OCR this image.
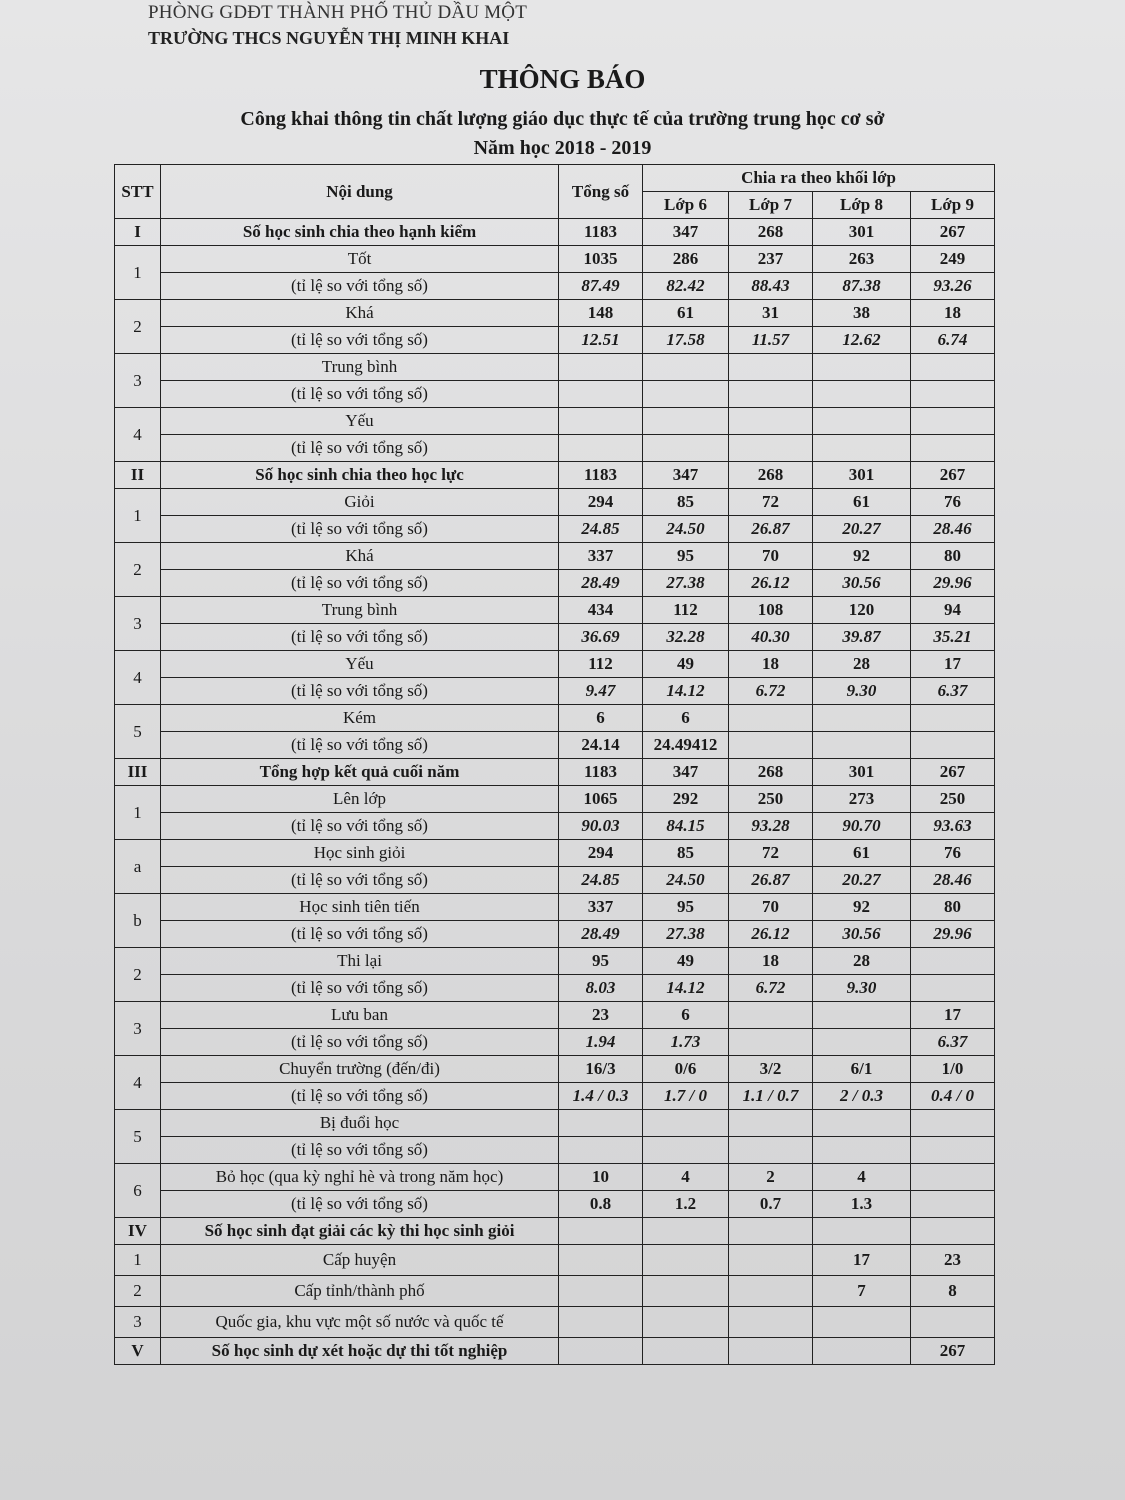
PHÒNG GDĐT THÀNH PHỐ THỦ DẦU MỘT
TRƯỜNG THCS NGUYỄN THỊ MINH KHAI
THÔNG BÁO
Công khai thông tin chất lượng giáo dục thực tế của trường trung học cơ sở
Năm học 2018 - 2019
STT	Nội dung	Tổng số	Chia ra theo khối lớp			
			Lớp 6	Lớp 7	Lớp 8	Lớp 9
I	Số học sinh chia theo hạnh kiểm	1183	347	268	301	267
1	Tốt	1035	286	237	263	249
	(tỉ lệ so với tổng số)	87.49	82.42	88.43	87.38	93.26
2	Khá	148	61	31	38	18
	(tỉ lệ so với tổng số)	12.51	17.58	11.57	12.62	6.74
3	Trung bình					
	(tỉ lệ so với tổng số)					
4	Yếu					
	(tỉ lệ so với tổng số)					
II	Số học sinh chia theo học lực	1183	347	268	301	267
1	Giỏi	294	85	72	61	76
	(tỉ lệ so với tổng số)	24.85	24.50	26.87	20.27	28.46
2	Khá	337	95	70	92	80
	(tỉ lệ so với tổng số)	28.49	27.38	26.12	30.56	29.96
3	Trung bình	434	112	108	120	94
	(tỉ lệ so với tổng số)	36.69	32.28	40.30	39.87	35.21
4	Yếu	112	49	18	28	17
	(tỉ lệ so với tổng số)	9.47	14.12	6.72	9.30	6.37
5	Kém	6	6			
	(tỉ lệ so với tổng số)	24.14	24.49412			
III	Tổng hợp kết quả cuối năm	1183	347	268	301	267
1	Lên lớp	1065	292	250	273	250
	(tỉ lệ so với tổng số)	90.03	84.15	93.28	90.70	93.63
a	Học sinh giỏi	294	85	72	61	76
	(tỉ lệ so với tổng số)	24.85	24.50	26.87	20.27	28.46
b	Học sinh tiên tiến	337	95	70	92	80
	(tỉ lệ so với tổng số)	28.49	27.38	26.12	30.56	29.96
2	Thi lại	95	49	18	28	
	(tỉ lệ so với tổng số)	8.03	14.12	6.72	9.30	
3	Lưu ban	23	6			17
	(tỉ lệ so với tổng số)	1.94	1.73			6.37
4	Chuyển trường (đến/đi)	16/3	0/6	3/2	6/1	1/0
	(tỉ lệ so với tổng số)	1.4 / 0.3	1.7 / 0	1.1 / 0.7	2 / 0.3	0.4 / 0
5	Bị đuổi học					
	(tỉ lệ so với tổng số)					
6	Bỏ học (qua kỳ nghỉ hè và trong năm học)	10	4	2	4	
	(tỉ lệ so với tổng số)	0.8	1.2	0.7	1.3	
IV	Số học sinh đạt giải các kỳ thi học sinh giỏi					
1	Cấp huyện				17	23
2	Cấp tỉnh/thành phố				7	8
3	Quốc gia, khu vực một số nước và quốc tế					
V	Số học sinh dự xét hoặc dự thi tốt nghiệp					267
